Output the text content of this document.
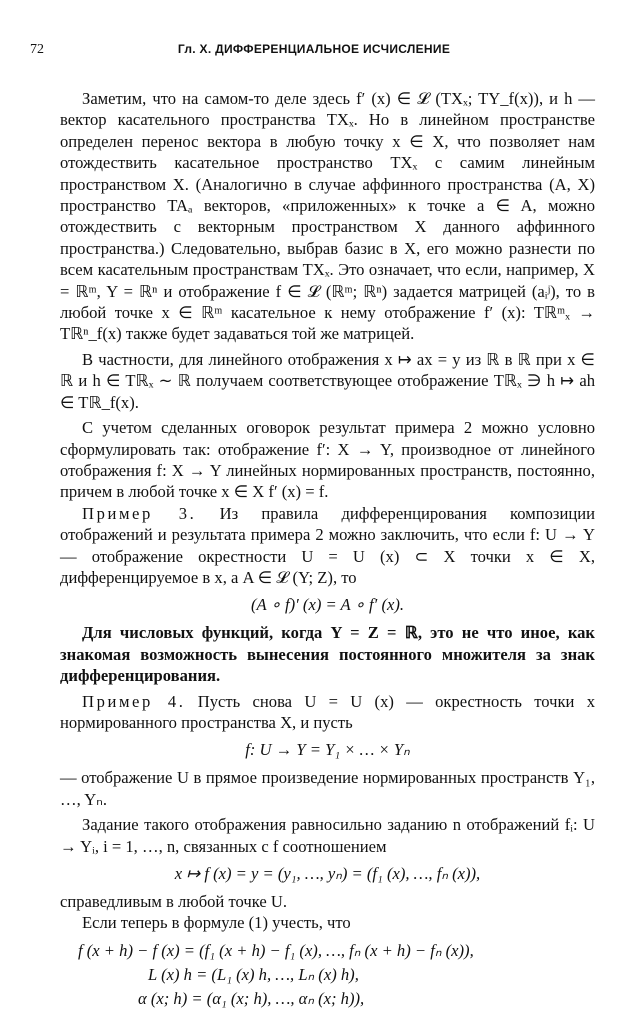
72	Гл. X. ДИФФЕРЕНЦИАЛЬНОЕ ИСЧИСЛЕНИЕ

Заметим, что на самом-то деле здесь f′ (x) ∈ 𝓛 (TXₓ; TY_f(x)), и h — вектор касательного пространства TXₓ. Но в линейном пространстве определен перенос вектора в любую точку x ∈ X, что позволяет нам отождествить касательное пространство TXₓ с самим линейным пространством X. (Аналогично в случае аффинного пространства (A, X) пространство TAₐ векторов, «приложенных» к точке a ∈ A, можно отождествить с векторным пространством X данного аффинного пространства.) Следовательно, выбрав базис в X, его можно разнести по всем касательным пространствам TXₓ. Это означает, что если, например, X = ℝᵐ, Y = ℝⁿ и отображение f ∈ 𝓛 (ℝᵐ; ℝⁿ) задается матрицей (aᵢʲ), то в любой точке x ∈ ℝᵐ касательное к нему отображение f′ (x): Tℝᵐₓ → Tℝⁿ_f(x) также будет задаваться той же матрицей.

В частности, для линейного отображения x ↦ ax = y из ℝ в ℝ при x ∈ ℝ и h ∈ Tℝₓ ∼ ℝ получаем соответствующее отображение Tℝₓ ∋ h ↦ ah ∈ Tℝ_f(x).

С учетом сделанных оговорок результат примера 2 можно условно сформулировать так: отображение f′: X → Y, производное от линейного отображения f: X → Y линейных нормированных пространств, постоянно, причем в любой точке x ∈ X f′ (x) = f.

Пример 3. Из правила дифференцирования композиции отображений и результата примера 2 можно заключить, что если f: U → Y — отображение окрестности U = U (x) ⊂ X точки x ∈ X, дифференцируемое в x, а A ∈ 𝓛 (Y; Z), то

(A ∘ f)′ (x) = A ∘ f′ (x).

Для числовых функций, когда Y = Z = ℝ, это не что иное, как знакомая возможность вынесения постоянного множителя за знак дифференцирования.

Пример 4. Пусть снова U = U (x) — окрестность точки x нормированного пространства X, и пусть

f: U → Y = Y₁ × … × Yₙ

— отображение U в прямое произведение нормированных пространств Y₁, …, Yₙ.

Задание такого отображения равносильно заданию n отображений fᵢ: U → Yᵢ, i = 1, …, n, связанных с f соотношением

x ↦ f (x) = y = (y₁, …, yₙ) = (f₁ (x), …, fₙ (x)),

справедливым в любой точке U.

Если теперь в формуле (1) учесть, что

f (x + h) − f (x) = (f₁ (x + h) − f₁ (x), …, fₙ (x + h) − fₙ (x)),
L (x) h = (L₁ (x) h, …, Lₙ (x) h),
α (x; h) = (α₁ (x; h), …, αₙ (x; h)),
